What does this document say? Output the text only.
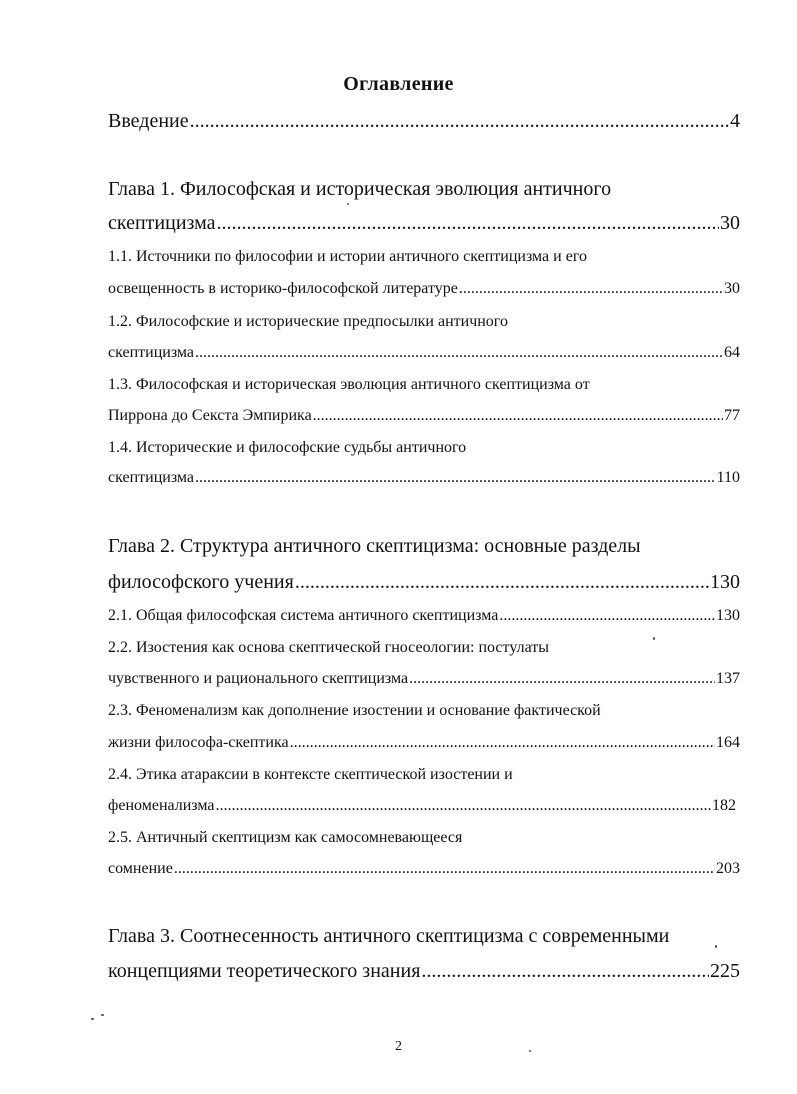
Оглавление
Введение .....	4
Глава 1. Философская и историческая эволюция античного
скептицизма .....	30
1.1. Источники по философии и истории античного скептицизма и его
освещенность в историко-философской литературе .....	30
1.2. Философские и исторические предпосылки античного
скептицизма .....	64
1.3. Философская и историческая эволюция античного скептицизма от
Пиррона до Секста Эмпирика .....	77
1.4. Исторические и философские судьбы античного
скептицизма .....	110
Глава 2. Структура античного скептицизма: основные разделы
философского учения .....	130
2.1. Общая философская система античного скептицизма .....	130
2.2. Изостения как основа скептической гносеологии: постулаты
чувственного и рационального скептицизма .....	137
2.3. Феноменализм как дополнение изостении и основание фактической
жизни философа-скептика .....	164
2.4. Этика атараксии в контексте скептической изостении и
феноменализма .....	182
2.5. Античный скептицизм как самосомневающееся
сомнение .....	203
Глава 3. Соотнесенность античного скептицизма с современными
концепциями теоретического знания .....	225
2
